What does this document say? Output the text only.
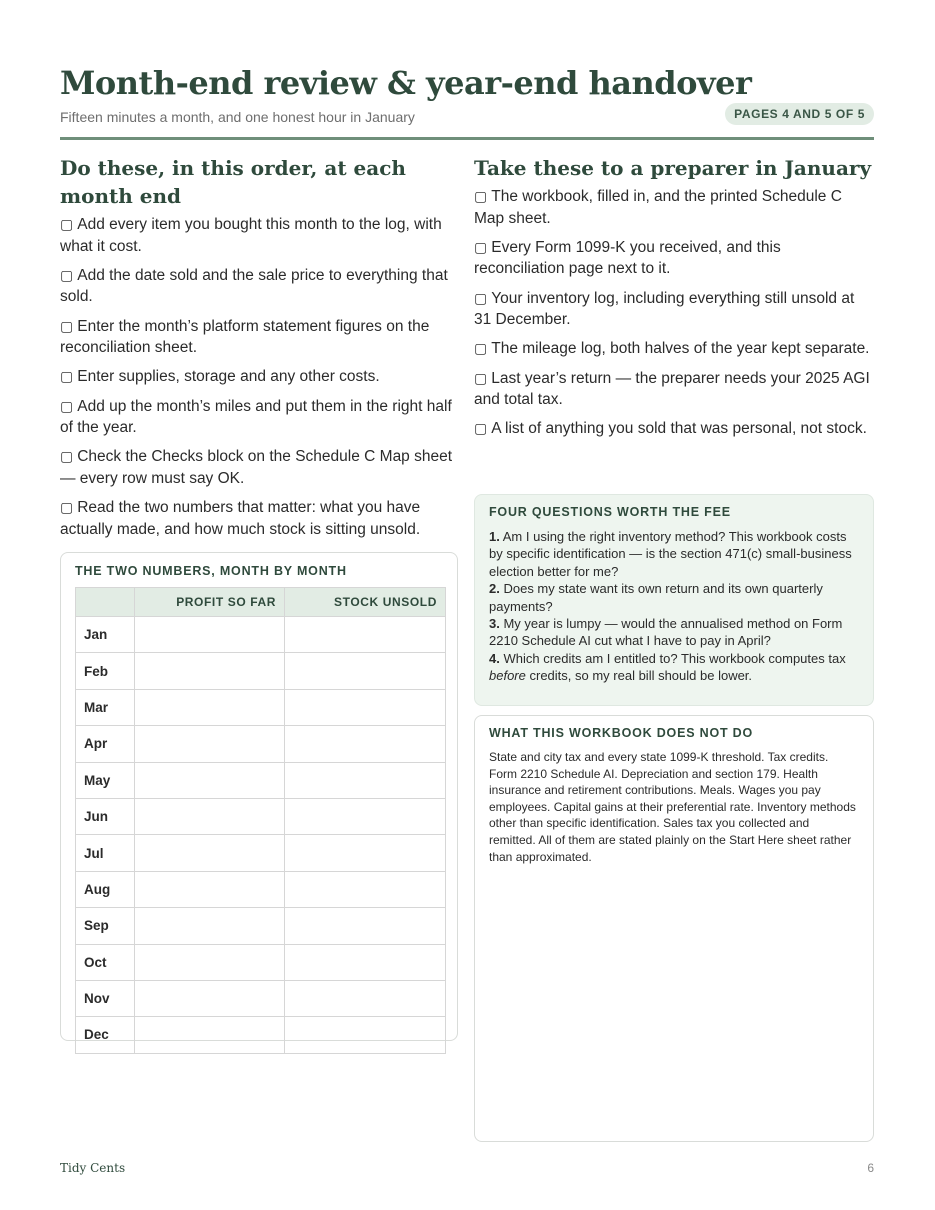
Month-end review & year-end handover
Fifteen minutes a month, and one honest hour in January	PAGES 4 AND 5 OF 5
Do these, in this order, at each month end
▢ Add every item you bought this month to the log, with what it cost.
▢ Add the date sold and the sale price to everything that sold.
▢ Enter the month’s platform statement figures on the reconciliation sheet.
▢ Enter supplies, storage and any other costs.
▢ Add up the month’s miles and put them in the right half of the year.
▢ Check the Checks block on the Schedule C Map sheet — every row must say OK.
▢ Read the two numbers that matter: what you have actually made, and how much stock is sitting unsold.
THE TWO NUMBERS, MONTH BY MONTH
	PROFIT SO FAR	STOCK UNSOLD
Jan		
Feb		
Mar		
Apr		
May		
Jun		
Jul		
Aug		
Sep		
Oct		
Nov		
Dec		
Take these to a preparer in January
▢ The workbook, filled in, and the printed Schedule C Map sheet.
▢ Every Form 1099-K you received, and this reconciliation page next to it.
▢ Your inventory log, including everything still unsold at 31 December.
▢ The mileage log, both halves of the year kept separate.
▢ Last year’s return — the preparer needs your 2025 AGI and total tax.
▢ A list of anything you sold that was personal, not stock.
FOUR QUESTIONS WORTH THE FEE
1. Am I using the right inventory method? This workbook costs by specific identification — is the section 471(c) small-business election better for me?
2. Does my state want its own return and its own quarterly payments?
3. My year is lumpy — would the annualised method on Form 2210 Schedule AI cut what I have to pay in April?
4. Which credits am I entitled to? This workbook computes tax before credits, so my real bill should be lower.
WHAT THIS WORKBOOK DOES NOT DO
State and city tax and every state 1099-K threshold. Tax credits. Form 2210 Schedule AI. Depreciation and section 179. Health insurance and retirement contributions. Meals. Wages you pay employees. Capital gains at their preferential rate. Inventory methods other than specific identification. Sales tax you collected and remitted. All of them are stated plainly on the Start Here sheet rather than approximated.
Tidy Cents	6
